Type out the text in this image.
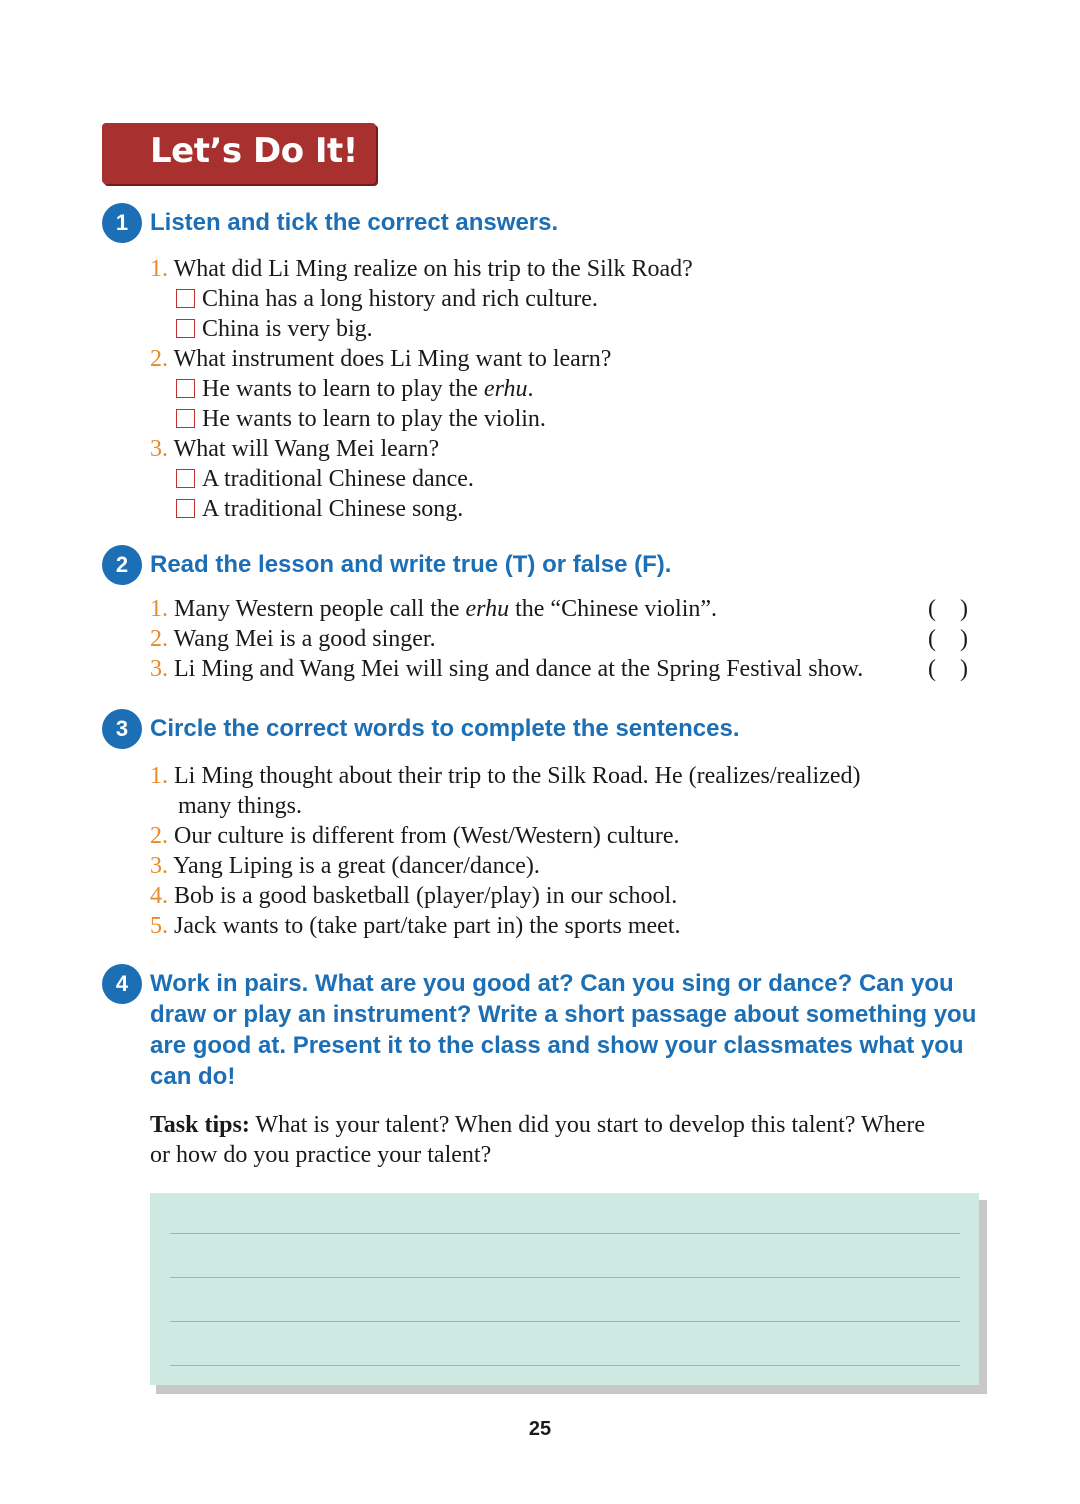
Let’s Do It!
1 Listen and tick the correct answers.
1. What did Li Ming realize on his trip to the Silk Road?
China has a long history and rich culture.
China is very big.
2. What instrument does Li Ming want to learn?
He wants to learn to play the erhu.
He wants to learn to play the violin.
3. What will Wang Mei learn?
A traditional Chinese dance.
A traditional Chinese song.
2 Read the lesson and write true (T) or false (F).
1. Many Western people call the erhu the “Chinese violin”.	(    )
2. Wang Mei is a good singer.	(    )
3. Li Ming and Wang Mei will sing and dance at the Spring Festival show.	(    )
3 Circle the correct words to complete the sentences.
1. Li Ming thought about their trip to the Silk Road. He (realizes/realized)
many things.
2. Our culture is different from (West/Western) culture.
3. Yang Liping is a great (dancer/dance).
4. Bob is a good basketball (player/play) in our school.
5. Jack wants to (take part/take part in) the sports meet.
4 Work in pairs. What are you good at? Can you sing or dance? Can you draw or play an instrument? Write a short passage about something you are good at. Present it to the class and show your classmates what you can do!
Task tips: What is your talent? When did you start to develop this talent? Where or how do you practice your talent?
25
